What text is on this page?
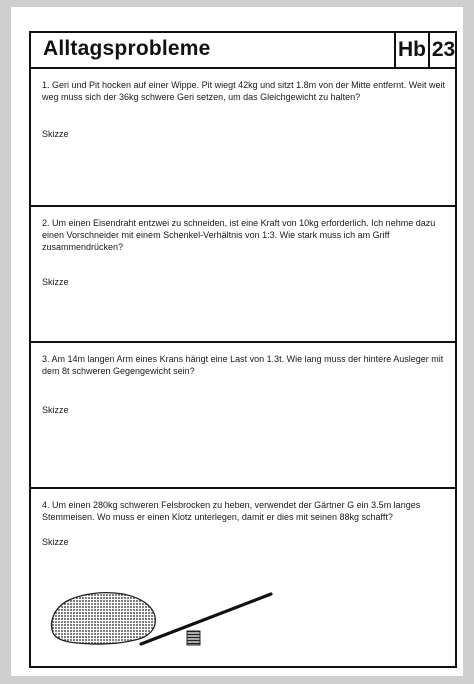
Alltagsprobleme	Hb 23
1. Geri und Pit hocken auf einer Wippe. Pit wiegt 42kg und sitzt 1.8m von der Mitte entfernt. Weit weit weg muss sich der 36kg schwere Geri setzen, um das Gleichgewicht zu halten?
Skizze
2. Um einen Eisendraht entzwei zu schneiden, ist eine Kraft von 10kg erforderlich. Ich nehme dazu einen Vorschneider mit einem Schenkel-Verhältnis von 1:3. Wie stark muss ich am Griff zusammendrücken?
Skizze
3. Am 14m langen Arm eines Krans hängt eine Last von 1.3t. Wie lang muss der hintere Ausleger mit dem 8t schweren Gegengewicht sein?
Skizze
4. Um einen 280kg schweren Felsbrocken zu heben, verwendet der Gärtner G ein 3.5m langes Stemmeisen. Wo muss er einen Klotz unterlegen, damit er dies mit seinen 88kg schafft?
Skizze
